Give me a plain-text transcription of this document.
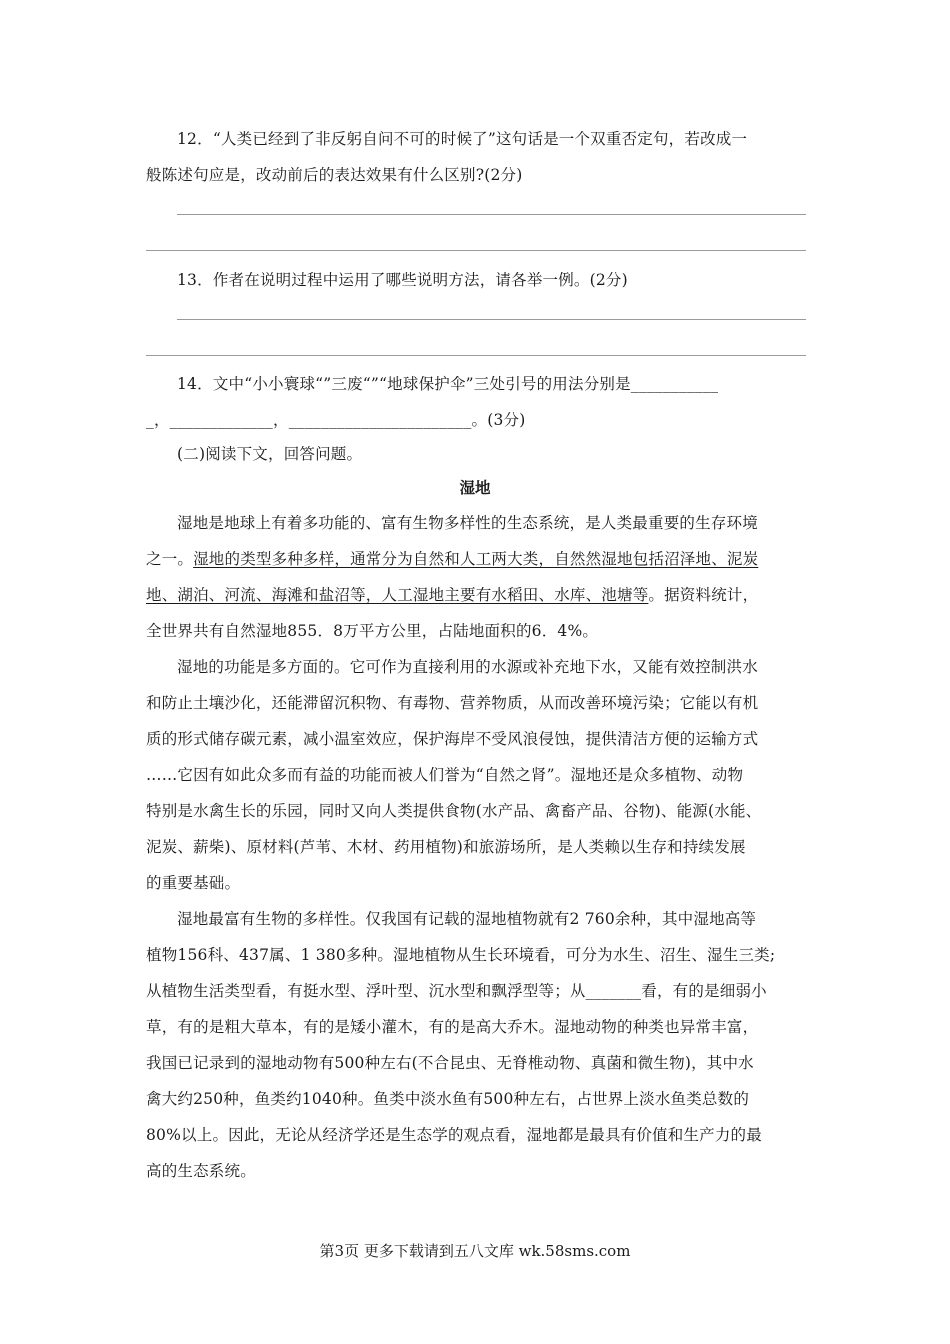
12．“人类已经到了非反躬自问不可的时候了”这句话是一个双重否定句，若改成一
般陈述句应是，改动前后的表达效果有什么区别?(2分)
13．作者在说明过程中运用了哪些说明方法，请各举一例。(2分)
14．文中“小小寰球“”三废“”“地球保护伞”三处引号的用法分别是___________
_，_____________，_______________________。(3分)
(二)阅读下文，回答问题。
湿地
湿地是地球上有着多功能的、富有生物多样性的生态系统，是人类最重要的生存环境
之一。湿地的类型多种多样，通常分为自然和人工两大类，自然然湿地包括沼泽地、泥炭
地、湖泊、河流、海滩和盐沼等，人工湿地主要有水稻田、水库、池塘等。据资料统计，
全世界共有自然湿地855．8万平方公里，占陆地面积的6．4%。
湿地的功能是多方面的。它可作为直接利用的水源或补充地下水，又能有效控制洪水
和防止土壤沙化，还能滞留沉积物、有毒物、营养物质，从而改善环境污染；它能以有机
质的形式储存碳元素，减小温室效应，保护海岸不受风浪侵蚀，提供清洁方便的运输方式
……它因有如此众多而有益的功能而被人们誉为“自然之肾”。湿地还是众多植物、动物
特别是水禽生长的乐园，同时又向人类提供食物(水产品、禽畜产品、谷物)、能源(水能、
泥炭、薪柴)、原材料(芦苇、木材、药用植物)和旅游场所，是人类赖以生存和持续发展
的重要基础。
湿地最富有生物的多样性。仅我国有记载的湿地植物就有2 760余种，其中湿地高等
植物156科、437属、1 380多种。湿地植物从生长环境看，可分为水生、沼生、湿生三类;
从植物生活类型看，有挺水型、浮叶型、沉水型和飘浮型等；从_______看，有的是细弱小
草，有的是粗大草本，有的是矮小灌木，有的是高大乔木。湿地动物的种类也异常丰富，
我国已记录到的湿地动物有500种左右(不合昆虫、无脊椎动物、真菌和微生物)，其中水
禽大约250种，鱼类约1040种。鱼类中淡水鱼有500种左右，占世界上淡水鱼类总数的
80%以上。因此，无论从经济学还是生态学的观点看，湿地都是最具有价值和生产力的最
高的生态系统。
第3页 更多下载请到五八文库 wk.58sms.com
